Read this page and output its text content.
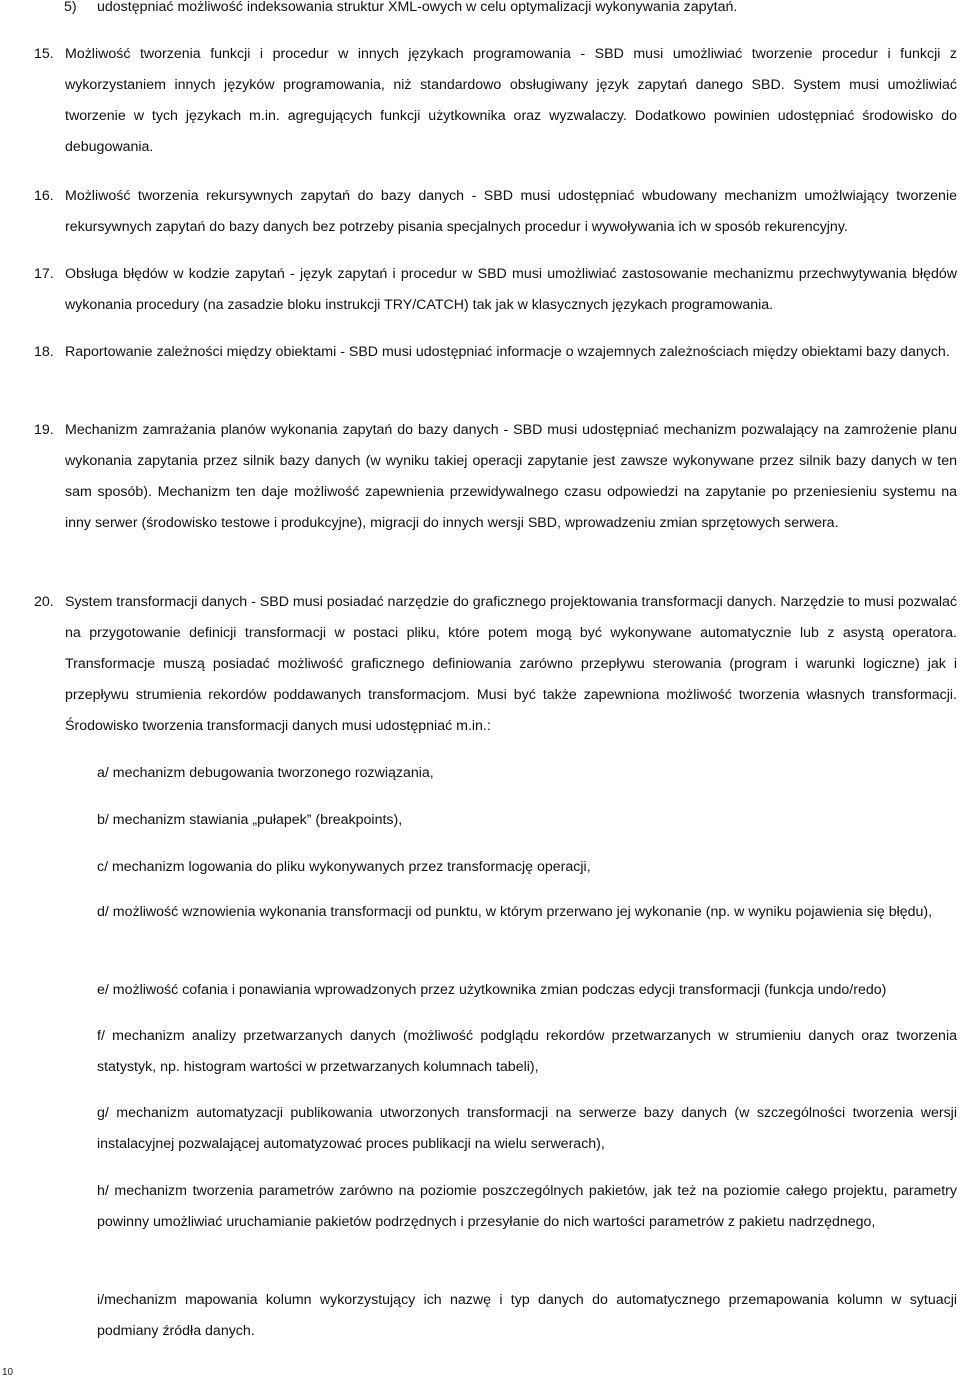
5)	udostępniać możliwość indeksowania struktur XML-owych w celu optymalizacji wykonywania zapytań.
15. Możliwość tworzenia funkcji i procedur w innych językach programowania - SBD musi umożliwiać tworzenie procedur i funkcji z wykorzystaniem innych języków programowania, niż standardowo obsługiwany język zapytań danego SBD. System musi umożliwiać tworzenie w tych językach m.in. agregujących funkcji użytkownika oraz wyzwalaczy. Dodatkowo powinien udostępniać środowisko do debugowania.
16. Możliwość tworzenia rekursywnych zapytań do bazy danych - SBD musi udostępniać wbudowany mechanizm umożlwiający tworzenie rekursywnych zapytań do bazy danych bez potrzeby pisania specjalnych procedur i wywoływania ich w sposób rekurencyjny.
17. Obsługa błędów w kodzie zapytań - język zapytań i procedur w SBD musi umożliwiać zastosowanie mechanizmu przechwytywania błędów wykonania procedury (na zasadzie bloku instrukcji TRY/CATCH) tak jak w klasycznych językach programowania.
18. Raportowanie zależności między obiektami - SBD musi udostępniać informacje o wzajemnych zależnościach między obiektami bazy danych.
19. Mechanizm zamrażania planów wykonania zapytań do bazy danych - SBD musi udostępniać mechanizm pozwalający na zamrożenie planu wykonania zapytania przez silnik bazy danych (w wyniku takiej operacji zapytanie jest zawsze wykonywane przez silnik bazy danych w ten sam sposób). Mechanizm ten daje możliwość zapewnienia przewidywalnego czasu odpowiedzi na zapytanie po przeniesieniu systemu na inny serwer (środowisko testowe i produkcyjne), migracji do innych wersji SBD, wprowadzeniu zmian sprzętowych serwera.
20. System transformacji danych - SBD musi posiadać narzędzie do graficznego projektowania transformacji danych. Narzędzie to musi pozwalać na przygotowanie definicji transformacji w postaci pliku, które potem mogą być wykonywane automatycznie lub z asystą operatora. Transformacje muszą posiadać możliwość graficznego definiowania zarówno przepływu sterowania (program i warunki logiczne) jak i przepływu strumienia rekordów poddawanych transformacjom. Musi być także zapewniona możliwość tworzenia własnych transformacji. Środowisko tworzenia transformacji danych musi udostępniać m.in.:

a/ mechanizm debugowania tworzonego rozwiązania,

b/ mechanizm stawiania „pułapek” (breakpoints),

c/ mechanizm logowania do pliku wykonywanych przez transformację operacji,

d/ możliwość wznowienia wykonania transformacji od punktu, w którym przerwano jej wykonanie (np. w wyniku pojawienia się błędu),

e/ możliwość cofania i ponawiania wprowadzonych przez użytkownika zmian podczas edycji transformacji (funkcja undo/redo)

f/ mechanizm analizy przetwarzanych danych (możliwość podglądu rekordów przetwarzanych w strumieniu danych oraz tworzenia statystyk, np. histogram wartości w przetwarzanych kolumnach tabeli),

g/ mechanizm automatyzacji publikowania utworzonych transformacji na serwerze bazy danych (w szczególności tworzenia wersji instalacyjnej pozwalającej automatyzować proces publikacji na wielu serwerach),

h/ mechanizm tworzenia parametrów zarówno na poziomie poszczególnych pakietów, jak też na poziomie całego projektu, parametry powinny umożliwiać uruchamianie pakietów podrzędnych i przesyłanie do nich wartości parametrów z pakietu nadrzędnego,

i/mechanizm mapowania kolumn wykorzystujący ich nazwę i typ danych do automatycznego przemapowania kolumn w sytuacji podmiany źródła danych.

10
